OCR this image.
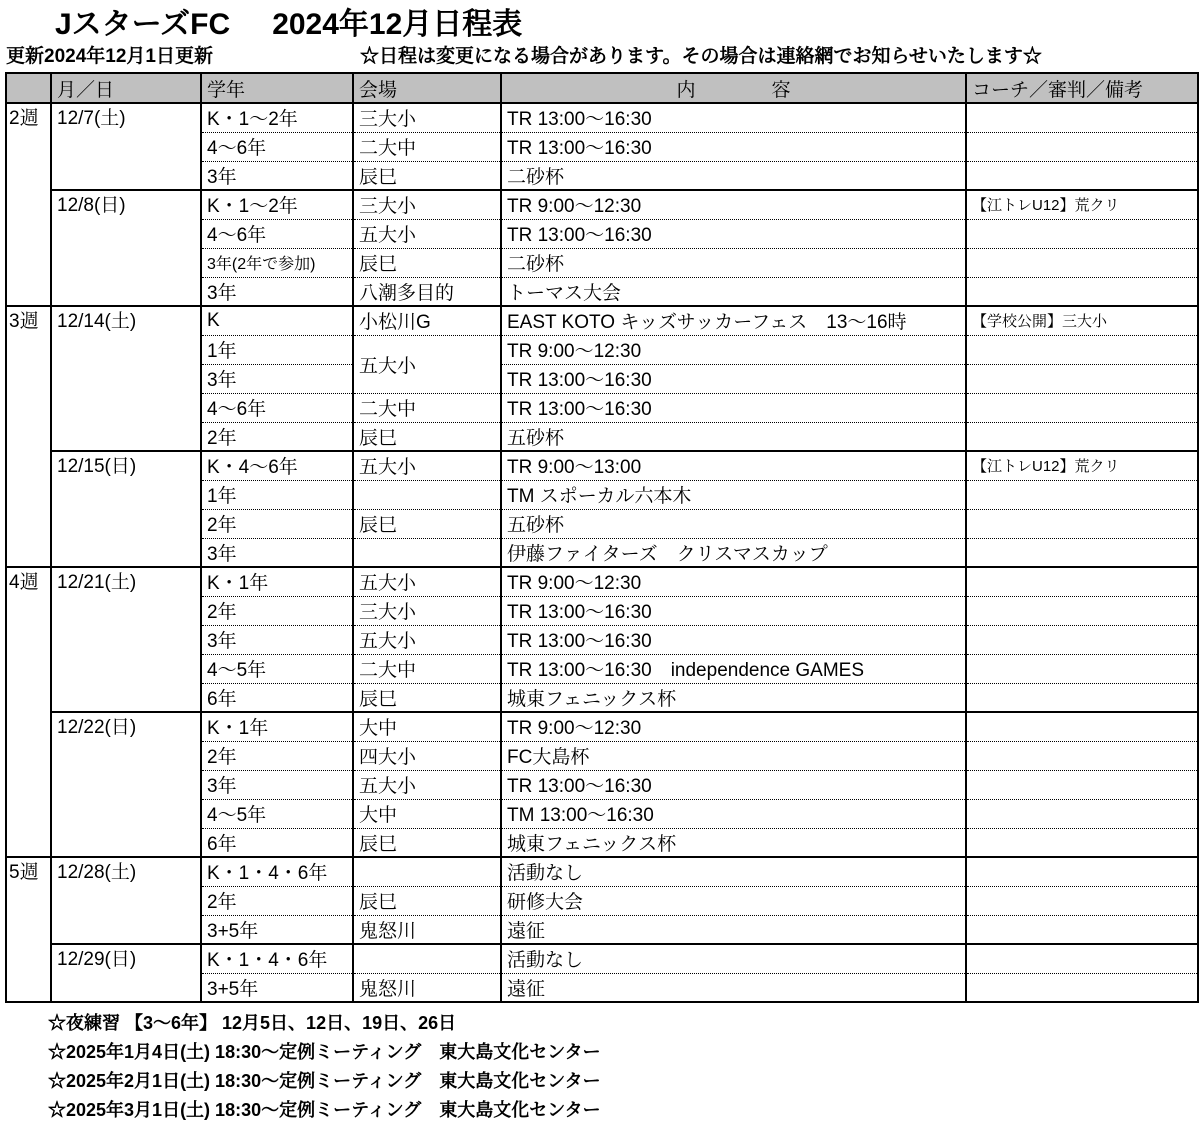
JスターズFC 2024年12月日程表
更新2024年12月1日更新	☆日程は変更になる場合があります。その場合は連絡網でお知らせいたします☆
	月／日	学年	会場	内　　　　容	コーチ／審判／備考
2週	12/7(土)	K・1～2年	三大小	TR 13:00～16:30	
		4～6年	二大中	TR 13:00～16:30	
		3年	辰巳	二砂杯	
	12/8(日)	K・1～2年	三大小	TR 9:00～12:30	【江トレU12】荒クリ
		4～6年	五大小	TR 13:00～16:30	
		3年(2年で参加)	辰巳	二砂杯	
		3年	八潮多目的	トーマス大会	
3週	12/14(土)	K	小松川G	EAST KOTO キッズサッカーフェス　13～16時	【学校公開】三大小
		1年	五大小	TR 9:00～12:30	
		3年		TR 13:00～16:30	
		4～6年	二大中	TR 13:00～16:30	
		2年	辰巳	五砂杯	
	12/15(日)	K・4～6年	五大小	TR 9:00～13:00	【江トレU12】荒クリ
		1年		TM スポーカル六本木	
		2年	辰巳	五砂杯	
		3年		伊藤ファイターズ　クリスマスカップ	
4週	12/21(土)	K・1年	五大小	TR 9:00～12:30	
		2年	三大小	TR 13:00～16:30	
		3年	五大小	TR 13:00～16:30	
		4～5年	二大中	TR 13:00～16:30　independence GAMES	
		6年	辰巳	城東フェニックス杯	
	12/22(日)	K・1年	大中	TR 9:00～12:30	
		2年	四大小	FC大島杯	
		3年	五大小	TR 13:00～16:30	
		4～5年	大中	TM 13:00～16:30	
		6年	辰巳	城東フェニックス杯	
5週	12/28(土)	K・1・4・6年		活動なし	
		2年	辰巳	研修大会	
		3+5年	鬼怒川	遠征	
	12/29(日)	K・1・4・6年		活動なし	
		3+5年	鬼怒川	遠征	

☆夜練習 【3～6年】 12月5日、12日、19日、26日

☆2025年1月4日(土) 18:30～定例ミーティング　東大島文化センター

☆2025年2月1日(土) 18:30～定例ミーティング　東大島文化センター

☆2025年3月1日(土) 18:30～定例ミーティング　東大島文化センター
